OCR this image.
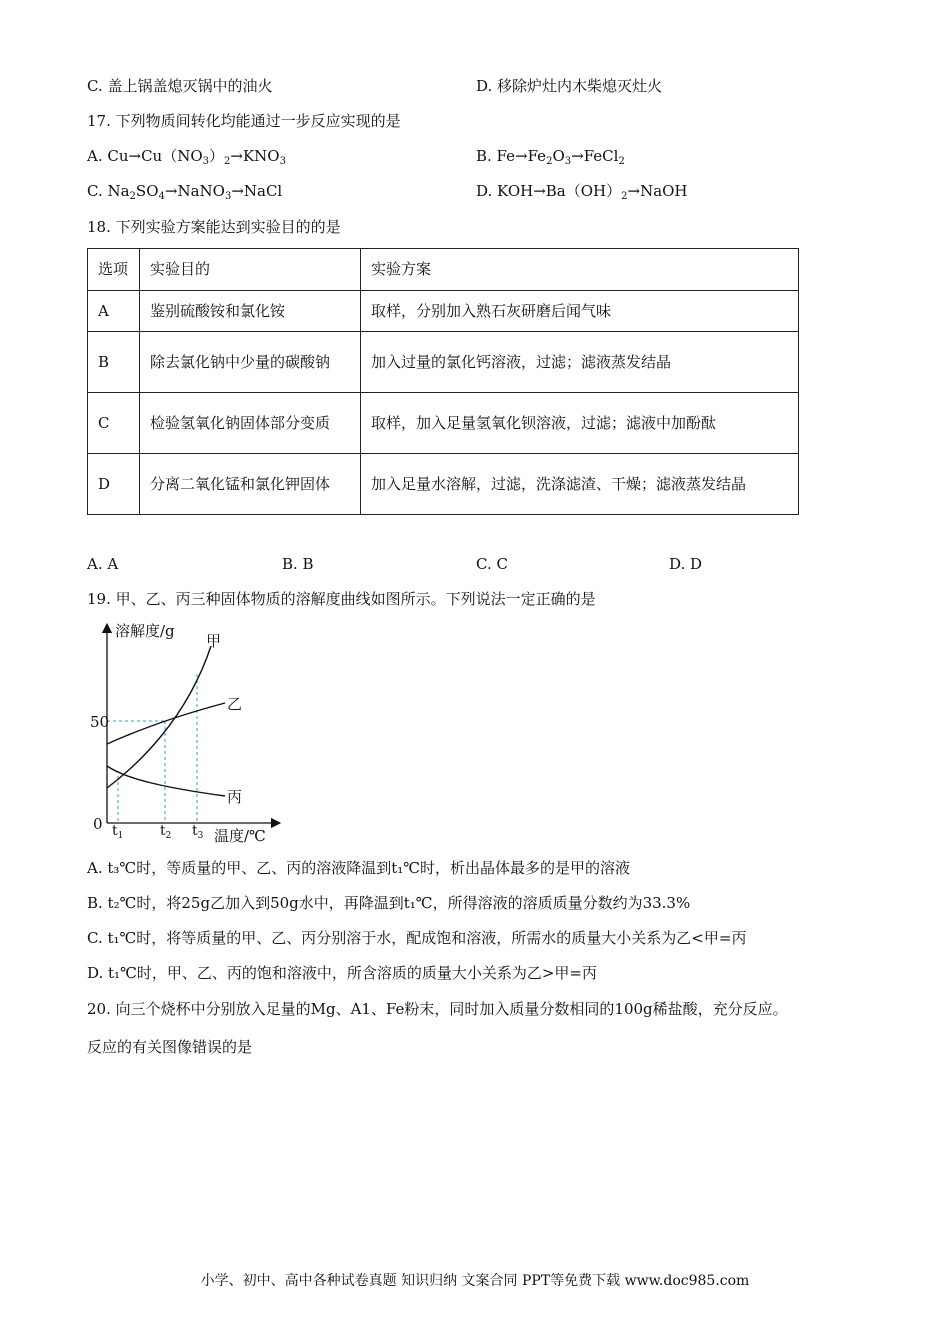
C. 盖上锅盖熄灭锅中的油火	D. 移除炉灶内木柴熄灭灶火
17. 下列物质间转化均能通过一步反应实现的是
A. $Cu\to Cu(NO_3)_2\to KNO_3$	B. $Fe\to Fe_2O_3\to FeCl_2$
C. $Na_2SO_4\to NaNO_3\to NaCl$	D. $KOH\to Ba(OH)_2\to NaOH$
18. 下列实验方案能达到实验目的的是
选项	实验目的	实验方案
A	鉴别硫酸铵和氯化铵	取样，分别加入熟石灰研磨后闻气味
B	除去氯化钠中少量的碳酸钠	加入过量的氯化钙溶液，过滤；滤液蒸发结晶
C	检验氢氧化钠固体部分变质	取样，加入足量氢氧化钡溶液，过滤；滤液中加酚酞
D	分离二氧化锰和氯化钾固体	加入足量水溶解，过滤，洗涤滤渣、干燥；滤液蒸发结晶
A. A	B. B	C. C	D. D
19. 甲、乙、丙三种固体物质的溶解度曲线如图所示。下列说法一定正确的是
溶解度/g
50
0
甲
乙
丙
$t_1$	$t_2$ $t_3$ 温度/℃
A. t₃℃时，等质量的甲、乙、丙的溶液降温到t₁℃时，析出晶体最多的是甲的溶液
B. t₂℃时，将25g乙加入到50g水中，再降温到t₁℃，所得溶液的溶质质量分数约为33.3%
C. t₁℃时，将等质量的甲、乙、丙分别溶于水，配成饱和溶液，所需水的质量大小关系为乙<甲=丙
D. t₁℃时，甲、乙、丙的饱和溶液中，所含溶质的质量大小关系为乙>甲=丙
20. 向三个烧杯中分别放入足量的Mg、A1、Fe粉末，同时加入质量分数相同的100g稀盐酸，充分反应。
反应的有关图像错误的是
小学、初中、高中各种试卷真题 知识归纳 文案合同 PPT等免费下载 www.doc985.com
